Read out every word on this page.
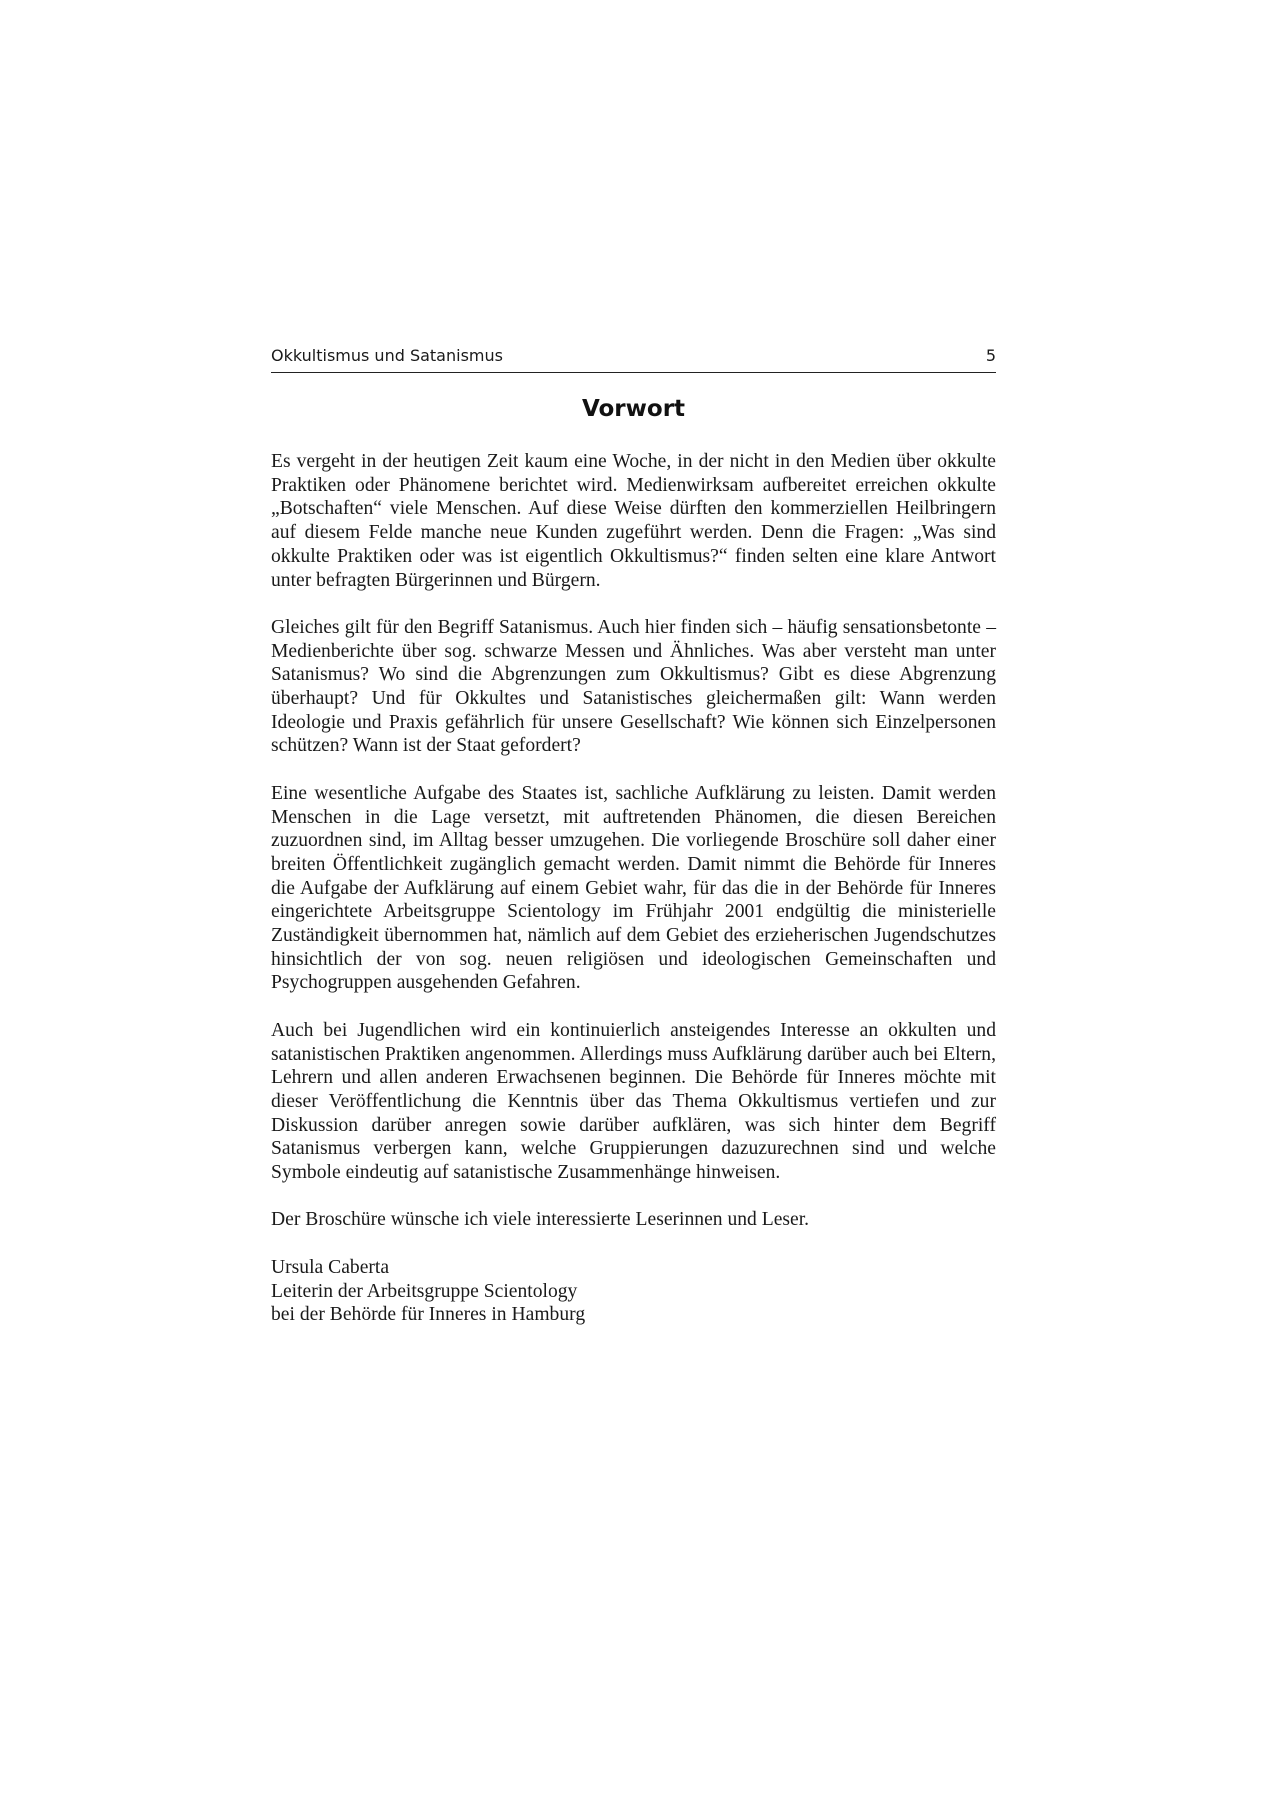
Okkultismus und Satanismus	5
Vorwort

Es vergeht in der heutigen Zeit kaum eine Woche, in der nicht in den Medien über okkulte Praktiken oder Phänomene berichtet wird. Medienwirksam aufbereitet erreichen okkulte „Botschaften“ viele Menschen. Auf diese Weise dürften den kommerziellen Heilbringern auf diesem Felde manche neue Kunden zugeführt werden. Denn die Fragen: „Was sind okkulte Praktiken oder was ist eigentlich Okkultismus?“ finden selten eine klare Antwort unter befragten Bürgerinnen und Bürgern.

Gleiches gilt für den Begriff Satanismus. Auch hier finden sich – häufig sensationsbetonte – Medienberichte über sog. schwarze Messen und Ähnliches. Was aber versteht man unter Satanismus? Wo sind die Abgrenzungen zum Okkultismus? Gibt es diese Abgrenzung überhaupt? Und für Okkultes und Satanistisches gleichermaßen gilt: Wann werden Ideologie und Praxis gefährlich für unsere Gesellschaft? Wie können sich Einzelpersonen schützen? Wann ist der Staat gefordert?

Eine wesentliche Aufgabe des Staates ist, sachliche Aufklärung zu leisten. Damit werden Menschen in die Lage versetzt, mit auftretenden Phänomen, die diesen Bereichen zuzuordnen sind, im Alltag besser umzugehen. Die vorliegende Broschüre soll daher einer breiten Öffentlichkeit zugänglich gemacht werden. Damit nimmt die Behörde für Inneres die Aufgabe der Aufklärung auf einem Gebiet wahr, für das die in der Behörde für Inneres eingerichtete Arbeitsgruppe Scientology im Frühjahr 2001 endgültig die ministerielle Zuständigkeit übernommen hat, nämlich auf dem Gebiet des erzieherischen Jugendschutzes hinsichtlich der von sog. neuen religiösen und ideologischen Gemeinschaften und Psychogruppen ausgehenden Gefahren.

Auch bei Jugendlichen wird ein kontinuierlich ansteigendes Interesse an okkulten und satanistischen Praktiken angenommen. Allerdings muss Aufklärung darüber auch bei Eltern, Lehrern und allen anderen Erwachsenen beginnen. Die Behörde für Inneres möchte mit dieser Veröffentlichung die Kenntnis über das Thema Okkultismus vertiefen und zur Diskussion darüber anregen sowie darüber aufklären, was sich hinter dem Begriff Satanismus verbergen kann, welche Gruppierungen dazuzurechnen sind und welche Symbole eindeutig auf satanistische Zusammenhänge hinweisen.

Der Broschüre wünsche ich viele interessierte Leserinnen und Leser.

Ursula Caberta
Leiterin der Arbeitsgruppe Scientology
bei der Behörde für Inneres in Hamburg
